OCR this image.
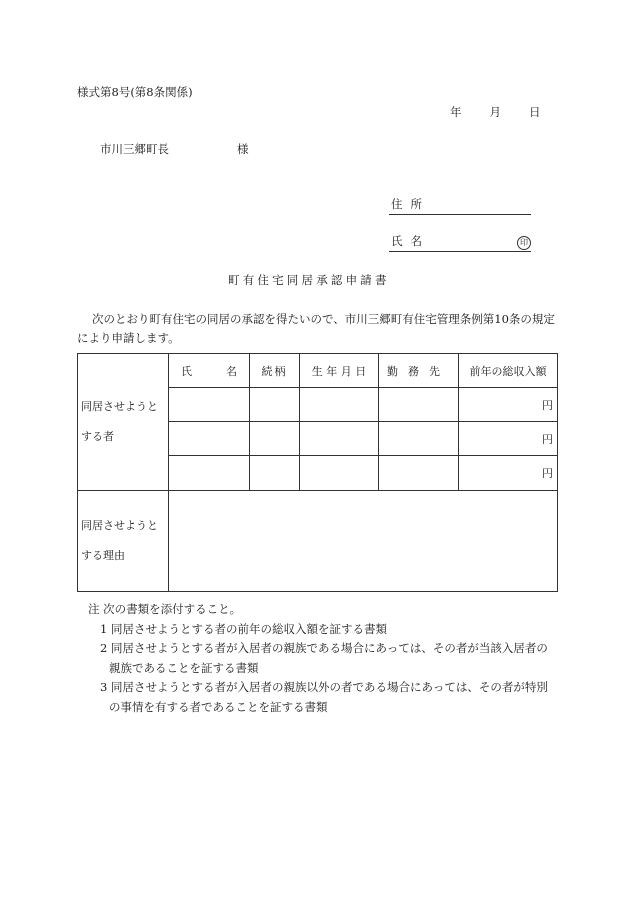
様式第8号(第8条関係)
年 月 日
市川三郷町長	様
住所
氏名	印
町有住宅同居承認申請書
次のとおり町有住宅の同居の承認を得たいので、市川三郷町有住宅管理条例第10条の規定により申請します。
同居させようとする者	氏 名	続柄	生 年 月 日	勤務先	前年の総収入額
					円
					円
					円
同居させようとする理由					
注 次の書類を添付すること。
1 同居させようとする者の前年の総収入額を証する書類
2 同居させようとする者が入居者の親族である場合にあっては、その者が当該入居者の親族であることを証する書類
3 同居させようとする者が入居者の親族以外の者である場合にあっては、その者が特別の事情を有する者であることを証する書類
